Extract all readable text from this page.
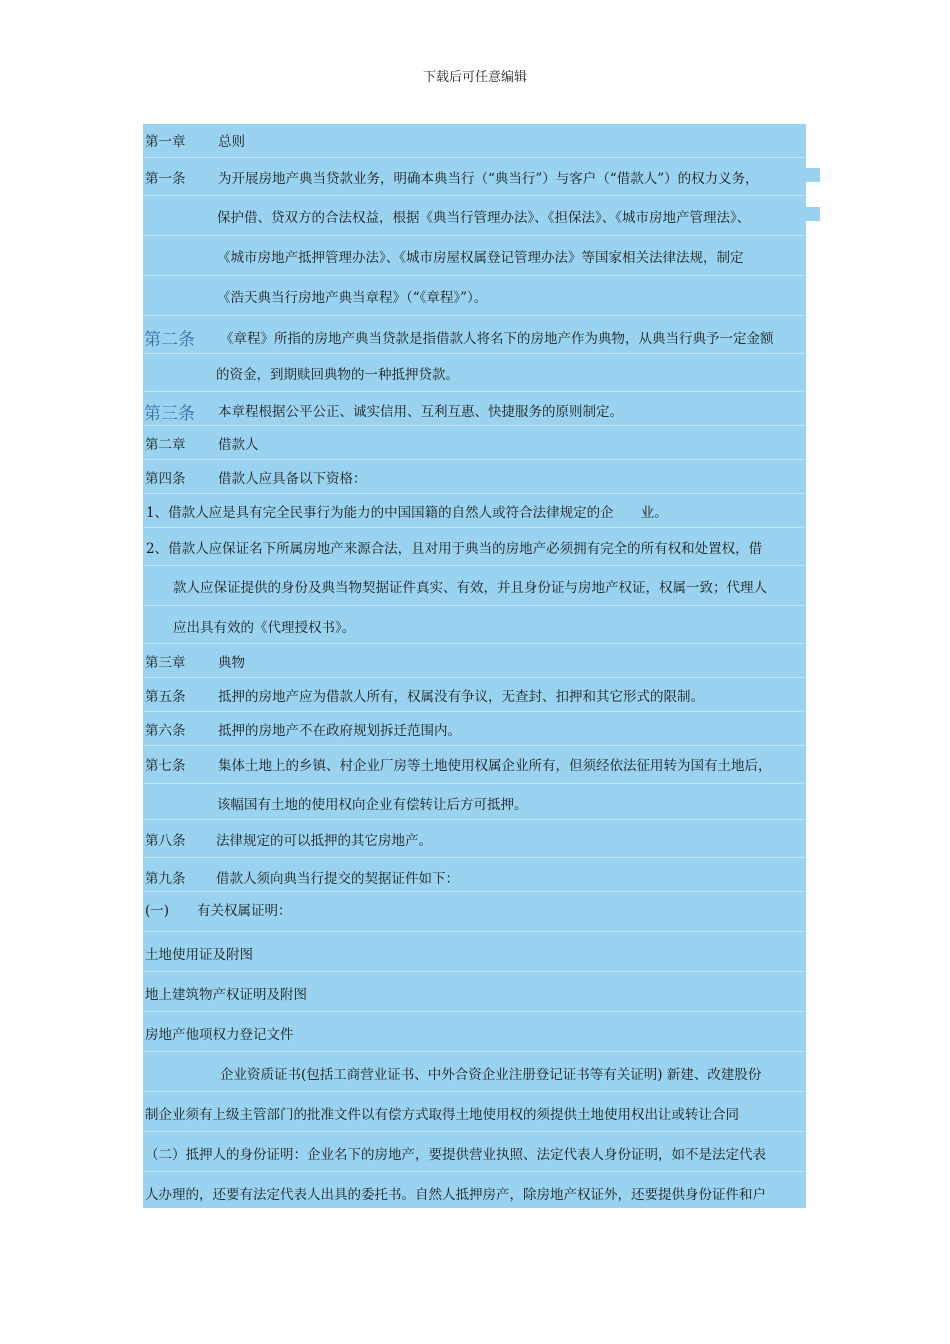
下载后可任意编辑
第一章 总则
第一条 为开展房地产典当贷款业务，明确本典当行（“典当行”）与客户（“借款人”）的权力义务，
保护借、贷双方的合法权益，根据《典当行管理办法》、《担保法》、《城市房地产管理法》、
《城市房地产抵押管理办法》、《城市房屋权属登记管理办法》等国家相关法律法规，制定
《浩天典当行房地产典当章程》（“《章程》”）。
第二条 《章程》所指的房地产典当贷款是指借款人将名下的房地产作为典物，从典当行典予一定金额
的资金，到期赎回典物的一种抵押贷款。
第三条 本章程根据公平公正、诚实信用、互利互惠、快捷服务的原则制定。
第二章 借款人
第四条 借款人应具备以下资格：
1、借款人应是具有完全民事行为能力的中国国籍的自然人或符合法律规定的企　　业。
2、借款人应保证名下所属房地产来源合法，且对用于典当的房地产必须拥有完全的所有权和处置权，借
款人应保证提供的身份及典当物契据证件真实、有效，并且身份证与房地产权证，权属一致；代理人
应出具有效的《代理授权书》。
第三章 典物
第五条 抵押的房地产应为借款人所有，权属没有争议，无查封、扣押和其它形式的限制。
第六条 抵押的房地产不在政府规划拆迁范围内。
第七条 集体土地上的乡镇、村企业厂房等土地使用权属企业所有，但须经依法征用转为国有土地后，
该幅国有土地的使用权向企业有偿转让后方可抵押。
第八条 法律规定的可以抵押的其它房地产。
第九条 借款人须向典当行提交的契据证件如下：
(一) 有关权属证明：
土地使用证及附图
地上建筑物产权证明及附图
房地产他项权力登记文件
企业资质证书(包括工商营业证书、中外合资企业注册登记证书等有关证明) 新建、改建股份
制企业须有上级主管部门的批准文件以有偿方式取得土地使用权的须提供土地使用权出让或转让合同
（二）抵押人的身份证明：企业名下的房地产，要提供营业执照、法定代表人身份证明，如不是法定代表
人办理的，还要有法定代表人出具的委托书。自然人抵押房产，除房地产权证外，还要提供身份证件和户
